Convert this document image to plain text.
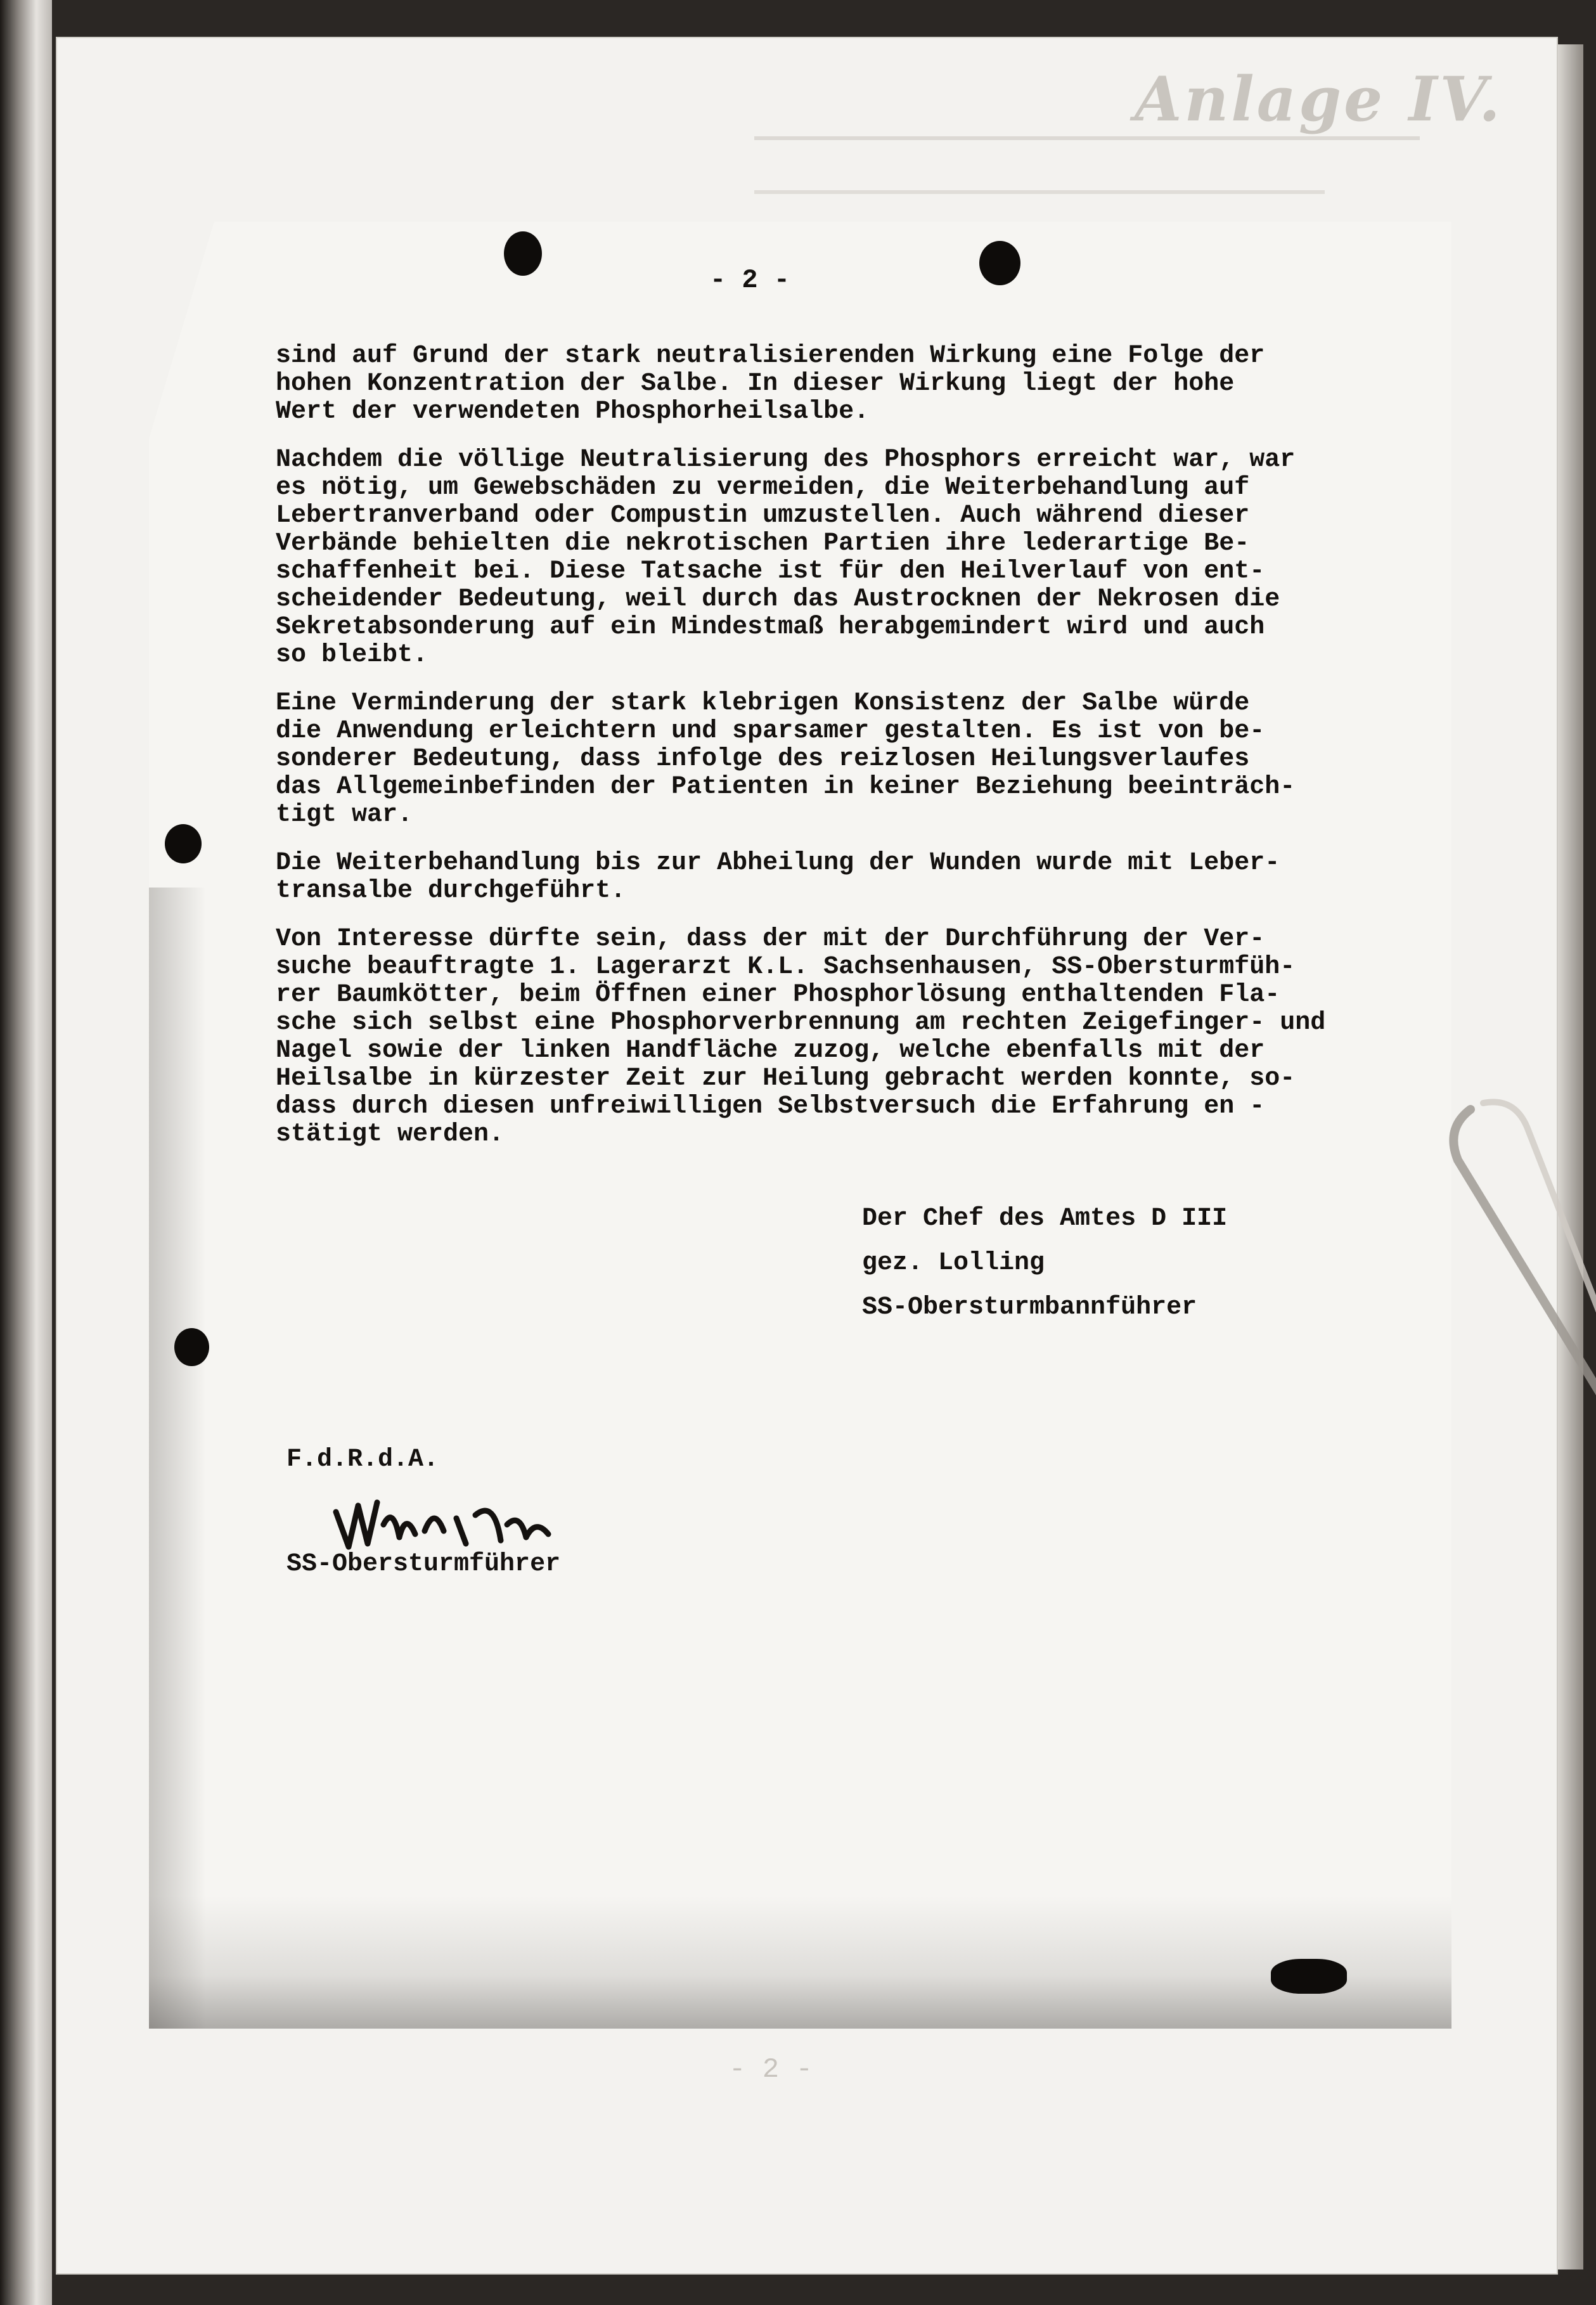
Anlage IV.
- 2 -

sind auf Grund der stark neutralisierenden Wirkung eine Folge der
hohen Konzentration der Salbe. In dieser Wirkung liegt der hohe
Wert der verwendeten Phosphorheilsalbe.

Nachdem die völlige Neutralisierung des Phosphors erreicht war, war
es nötig, um Gewebschäden zu vermeiden, die Weiterbehandlung auf
Lebertranverband oder Compustin umzustellen. Auch während dieser
Verbände behielten die nekrotischen Partien ihre lederartige Be-
schaffenheit bei. Diese Tatsache ist für den Heilverlauf von ent-
scheidender Bedeutung, weil durch das Austrocknen der Nekrosen die
Sekretabsonderung auf ein Mindestmaß herabgemindert wird und auch
so bleibt.

Eine Verminderung der stark klebrigen Konsistenz der Salbe würde
die Anwendung erleichtern und sparsamer gestalten. Es ist von be-
sonderer Bedeutung, dass infolge des reizlosen Heilungsverlaufes
das Allgemeinbefinden der Patienten in keiner Beziehung beeinträch-
tigt war.

Die Weiterbehandlung bis zur Abheilung der Wunden wurde mit Leber-
transalbe durchgeführt.

Von Interesse dürfte sein, dass der mit der Durchführung der Ver-
suche beauftragte 1. Lagerarzt K.L. Sachsenhausen, SS-Obersturmfüh-
rer Baumkötter, beim Öffnen einer Phosphorlösung enthaltenden Fla-
sche sich selbst eine Phosphorverbrennung am rechten Zeigefinger- und
Nagel sowie der linken Handfläche zuzog, welche ebenfalls mit der
Heilsalbe in kürzester Zeit zur Heilung gebracht werden konnte, so-
dass durch diesen unfreiwilligen Selbstversuch die Erfahrung en -
stätigt werden.

Der Chef des Amtes D III
gez. Lolling
SS-Obersturmbannführer
F.d.R.d.A.
SS-Obersturmführer
- 2 -
